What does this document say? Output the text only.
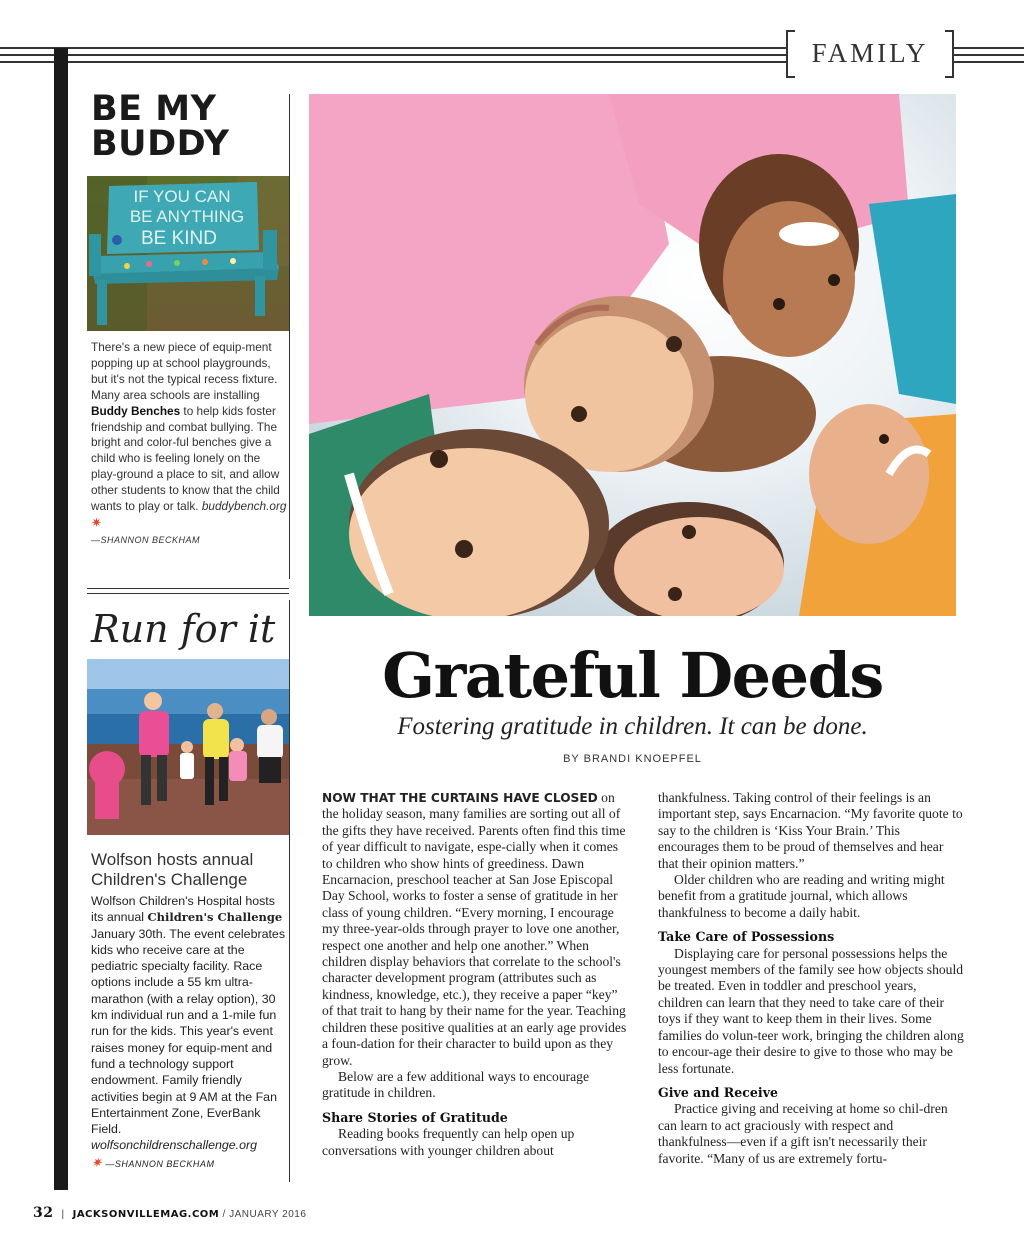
FAMILY
BE MY
BUDDY
IF YOU CAN
BE ANYTHING
BE KIND
There's a new piece of equip-ment popping up at school playgrounds, but it's not the typical recess fixture. Many area schools are installing Buddy Benches to help kids foster friendship and combat bullying. The bright and color-ful benches give a child who is feeling lonely on the play-ground a place to sit, and allow other students to know that the child wants to play or talk. buddybench.org ✷
—SHANNON BECKHAM
Run for it
Wolfson hosts annual
Children's Challenge
Wolfson Children's Hospital hosts its annual Children's Challenge January 30th. The event celebrates kids who receive care at the pediatric specialty facility. Race options include a 55 km ultra-marathon (with a relay option), 30 km individual run and a 1-mile fun run for the kids. This year's event raises money for equip-ment and fund a technology support endowment. Family friendly activities begin at 9 AM at the Fan Entertainment Zone, EverBank Field. wolfsonchildrenschallenge.org
✷ —SHANNON BECKHAM
Grateful Deeds
Fostering gratitude in children. It can be done.
BY BRANDI KNOEPFEL

NOW THAT THE CURTAINS HAVE CLOSED on the holiday season, many families are sorting out all of the gifts they have received. Parents often find this time of year difficult to navigate, espe-cially when it comes to children who show hints of greediness. Dawn Encarnacion, preschool teacher at San Jose Episcopal Day School, works to foster a sense of gratitude in her class of young children. “Every morning, I encourage my three-year-olds through prayer to love one another, respect one another and help one another.” When children display behaviors that correlate to the school's character development program (attributes such as kindness, knowledge, etc.), they receive a paper “key” of that trait to hang by their name for the year. Teaching children these positive qualities at an early age provides a foun-dation for their character to build upon as they grow.

Below are a few additional ways to encourage gratitude in children.

Share Stories of Gratitude

Reading books frequently can help open up conversations with younger children about

thankfulness. Taking control of their feelings is an important step, says Encarnacion. “My favorite quote to say to the children is ‘Kiss Your Brain.’ This encourages them to be proud of themselves and hear that their opinion matters.”

Older children who are reading and writing might benefit from a gratitude journal, which allows thankfulness to become a daily habit.

Take Care of Possessions

Displaying care for personal possessions helps the youngest members of the family see how objects should be treated. Even in toddler and preschool years, children can learn that they need to take care of their toys if they want to keep them in their lives. Some families do volun-teer work, bringing the children along to encour-age their desire to give to those who may be less fortunate.

Give and Receive

Practice giving and receiving at home so chil-dren can learn to act graciously with respect and thankfulness—even if a gift isn't necessarily their favorite. “Many of us are extremely fortu-

32 | JACKSONVILLEMAG.COM / JANUARY 2016
